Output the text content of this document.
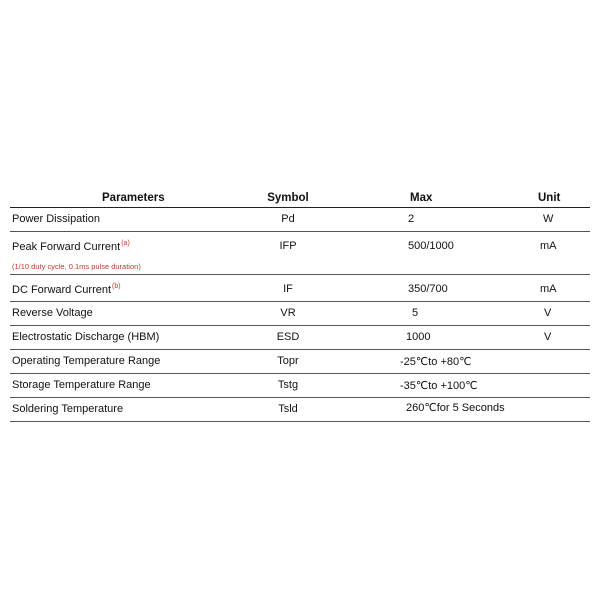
Parameters	Symbol	Max	Unit
Power Dissipation	Pd	2	W
Peak Forward Current$^{(a)}$	IFP	500/1000	mA
(1/10 duty cycle, 0.1ms pulse duration)
DC Forward Current$^{(b)}$	IF	350/700	mA
Reverse Voltage	VR	5	V
Electrostatic Discharge (HBM)	ESD	1000	V
Operating Temperature Range	Topr	-25℃to +80℃
Storage Temperature Range	Tstg	-35℃to +100℃
Soldering Temperature	Tsld	260℃for 5 Seconds
